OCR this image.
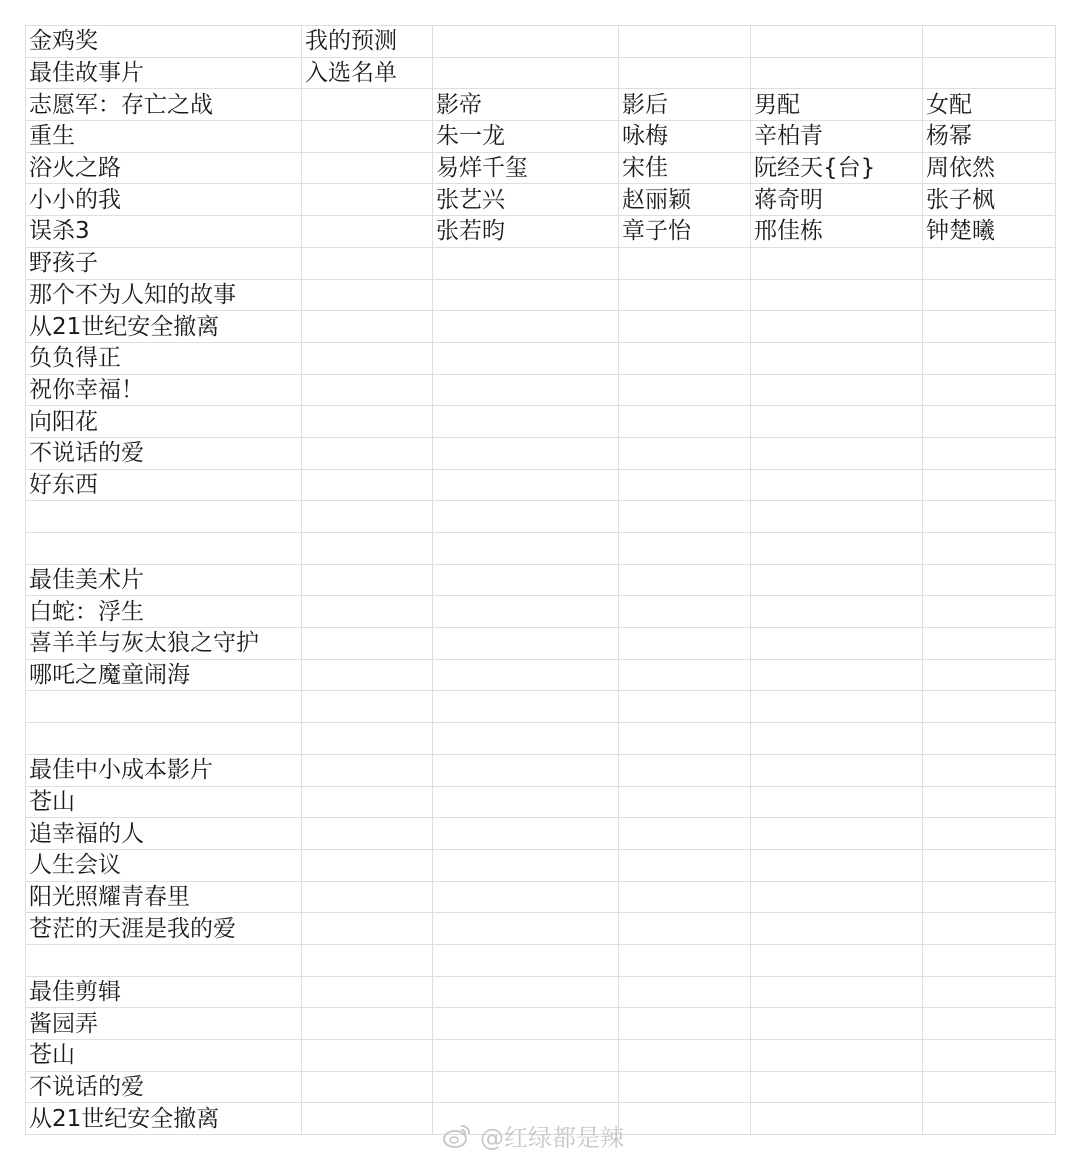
金鸡奖	我的预测				
最佳故事片	入选名单				
志愿军：存亡之战		影帝	影后	男配	女配
重生		朱一龙	咏梅	辛柏青	杨幂
浴火之路		易烊千玺	宋佳	阮经天{台}	周依然
小小的我		张艺兴	赵丽颖	蒋奇明	张子枫
误杀3		张若昀	章子怡	邢佳栋	钟楚曦
野孩子					
那个不为人知的故事					
从21世纪安全撤离					
负负得正					
祝你幸福！					
向阳花					
不说话的爱					
好东西					

最佳美术片					
白蛇：浮生					
喜羊羊与灰太狼之守护					
哪吒之魔童闹海					

最佳中小成本影片					
苍山					
追幸福的人					
人生会议					
阳光照耀青春里					
苍茫的天涯是我的爱					

最佳剪辑					
酱园弄					
苍山					
不说话的爱					
从21世纪安全撤离					
@红绿都是辣
